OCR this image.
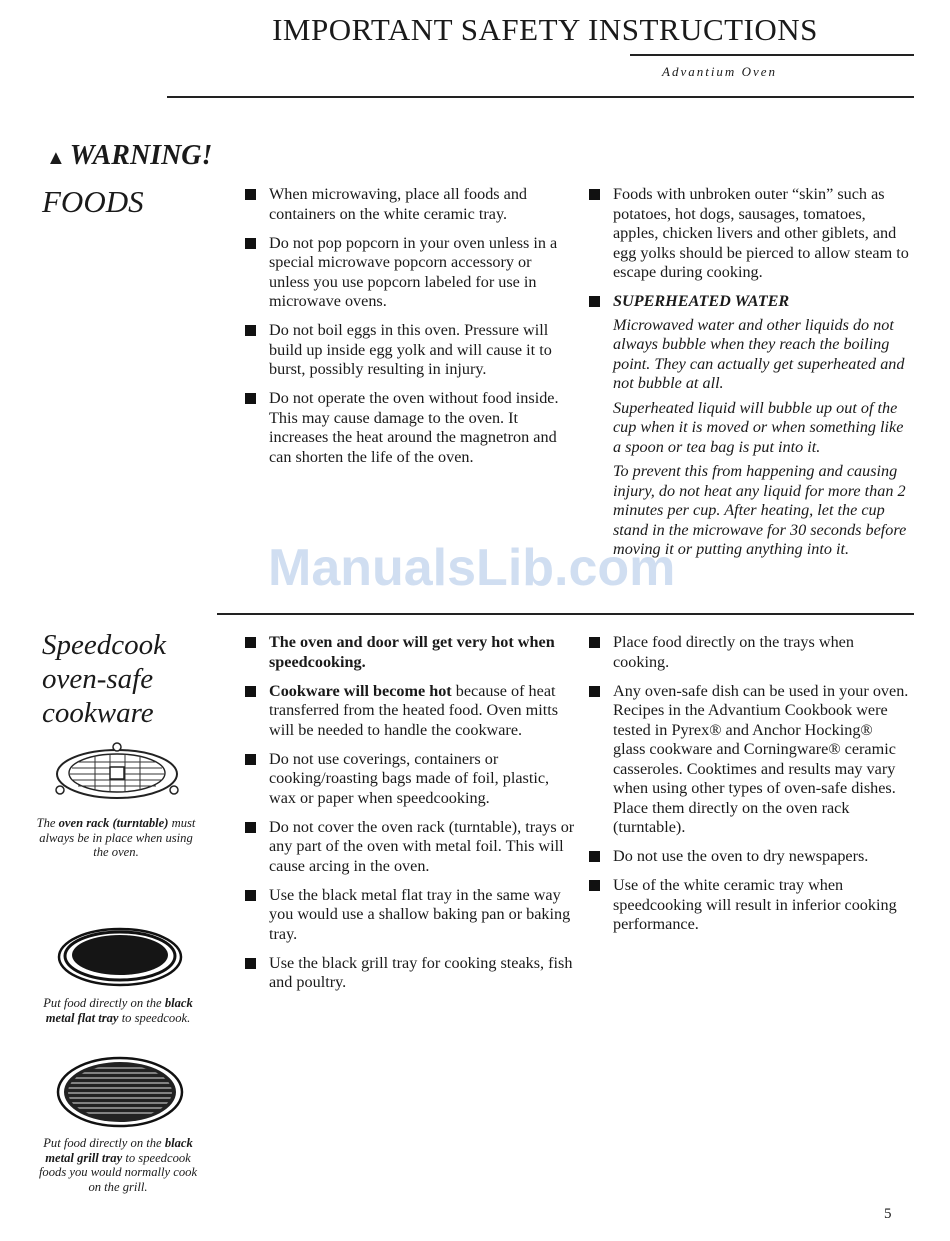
IMPORTANT SAFETY INSTRUCTIONS
Advantium Oven
▲ WARNING!
FOODS	When microwaving, place all foods and containers on the white ceramic tray.
Do not pop popcorn in your oven unless in a special microwave popcorn accessory or unless you use popcorn labeled for use in microwave ovens.
Do not boil eggs in this oven. Pressure will build up inside egg yolk and will cause it to burst, possibly resulting in injury.
Do not operate the oven without food inside. This may cause damage to the oven. It increases the heat around the magnetron and can shorten the life of the oven.
Foods with unbroken outer “skin” such as potatoes, hot dogs, sausages, tomatoes, apples, chicken livers and other giblets, and egg yolks should be pierced to allow steam to escape during cooking.
SUPERHEATED WATER
Microwaved water and other liquids do not always bubble when they reach the boiling point. They can actually get superheated and not bubble at all.
Superheated liquid will bubble up out of the cup when it is moved or when something like a spoon or tea bag is put into it.
To prevent this from happening and causing injury, do not heat any liquid for more than 2 minutes per cup. After heating, let the cup stand in the microwave for 30 seconds before moving it or putting anything into it.
Speedcook
oven-safe
cookware
The oven rack (turntable) must always be in place when using the oven.
Put food directly on the black metal flat tray to speedcook.
Put food directly on the black metal grill tray to speedcook foods you would normally cook on the grill.
The oven and door will get very hot when speedcooking.
Cookware will become hot because of heat transferred from the heated food. Oven mitts will be needed to handle the cookware.
Do not use coverings, containers or cooking/roasting bags made of foil, plastic, wax or paper when speedcooking.
Do not cover the oven rack (turntable), trays or any part of the oven with metal foil. This will cause arcing in the oven.
Use the black metal flat tray in the same way you would use a shallow baking pan or baking tray.
Use the black grill tray for cooking steaks, fish and poultry.
Place food directly on the trays when cooking.
Any oven-safe dish can be used in your oven. Recipes in the Advantium Cookbook were tested in Pyrex® and Anchor Hocking® glass cookware and Corningware® ceramic casseroles. Cooktimes and results may vary when using other types of oven-safe dishes. Place them directly on the oven rack (turntable).
Do not use the oven to dry newspapers.
Use of the white ceramic tray when speedcooking will result in inferior cooking performance.
ManualsLib.com
5
